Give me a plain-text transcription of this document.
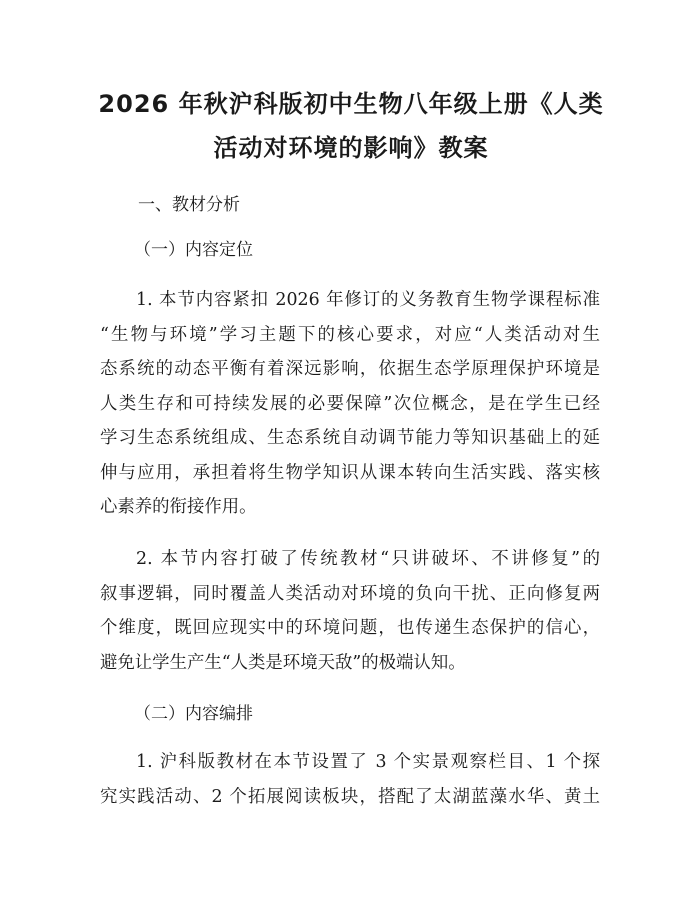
2026 年秋沪科版初中生物八年级上册《人类
活动对环境的影响》教案

一、教材分析

（一）内容定位

1. 本节内容紧扣 2026 年修订的义务教育生物学课程标准
“生物与环境”学习主题下的核心要求，对应“人类活动对生
态系统的动态平衡有着深远影响，依据生态学原理保护环境是
人类生存和可持续发展的必要保障”次位概念，是在学生已经
学习生态系统组成、生态系统自动调节能力等知识基础上的延
伸与应用，承担着将生物学知识从课本转向生活实践、落实核
心素养的衔接作用。
2. 本节内容打破了传统教材“只讲破坏、不讲修复”的
叙事逻辑，同时覆盖人类活动对环境的负向干扰、正向修复两
个维度，既回应现实中的环境问题，也传递生态保护的信心，
避免让学生产生“人类是环境天敌”的极端认知。

（二）内容编排

1. 沪科版教材在本节设置了 3 个实景观察栏目、1 个探
究实践活动、2 个拓展阅读板块，搭配了太湖蓝藻水华、黄土
